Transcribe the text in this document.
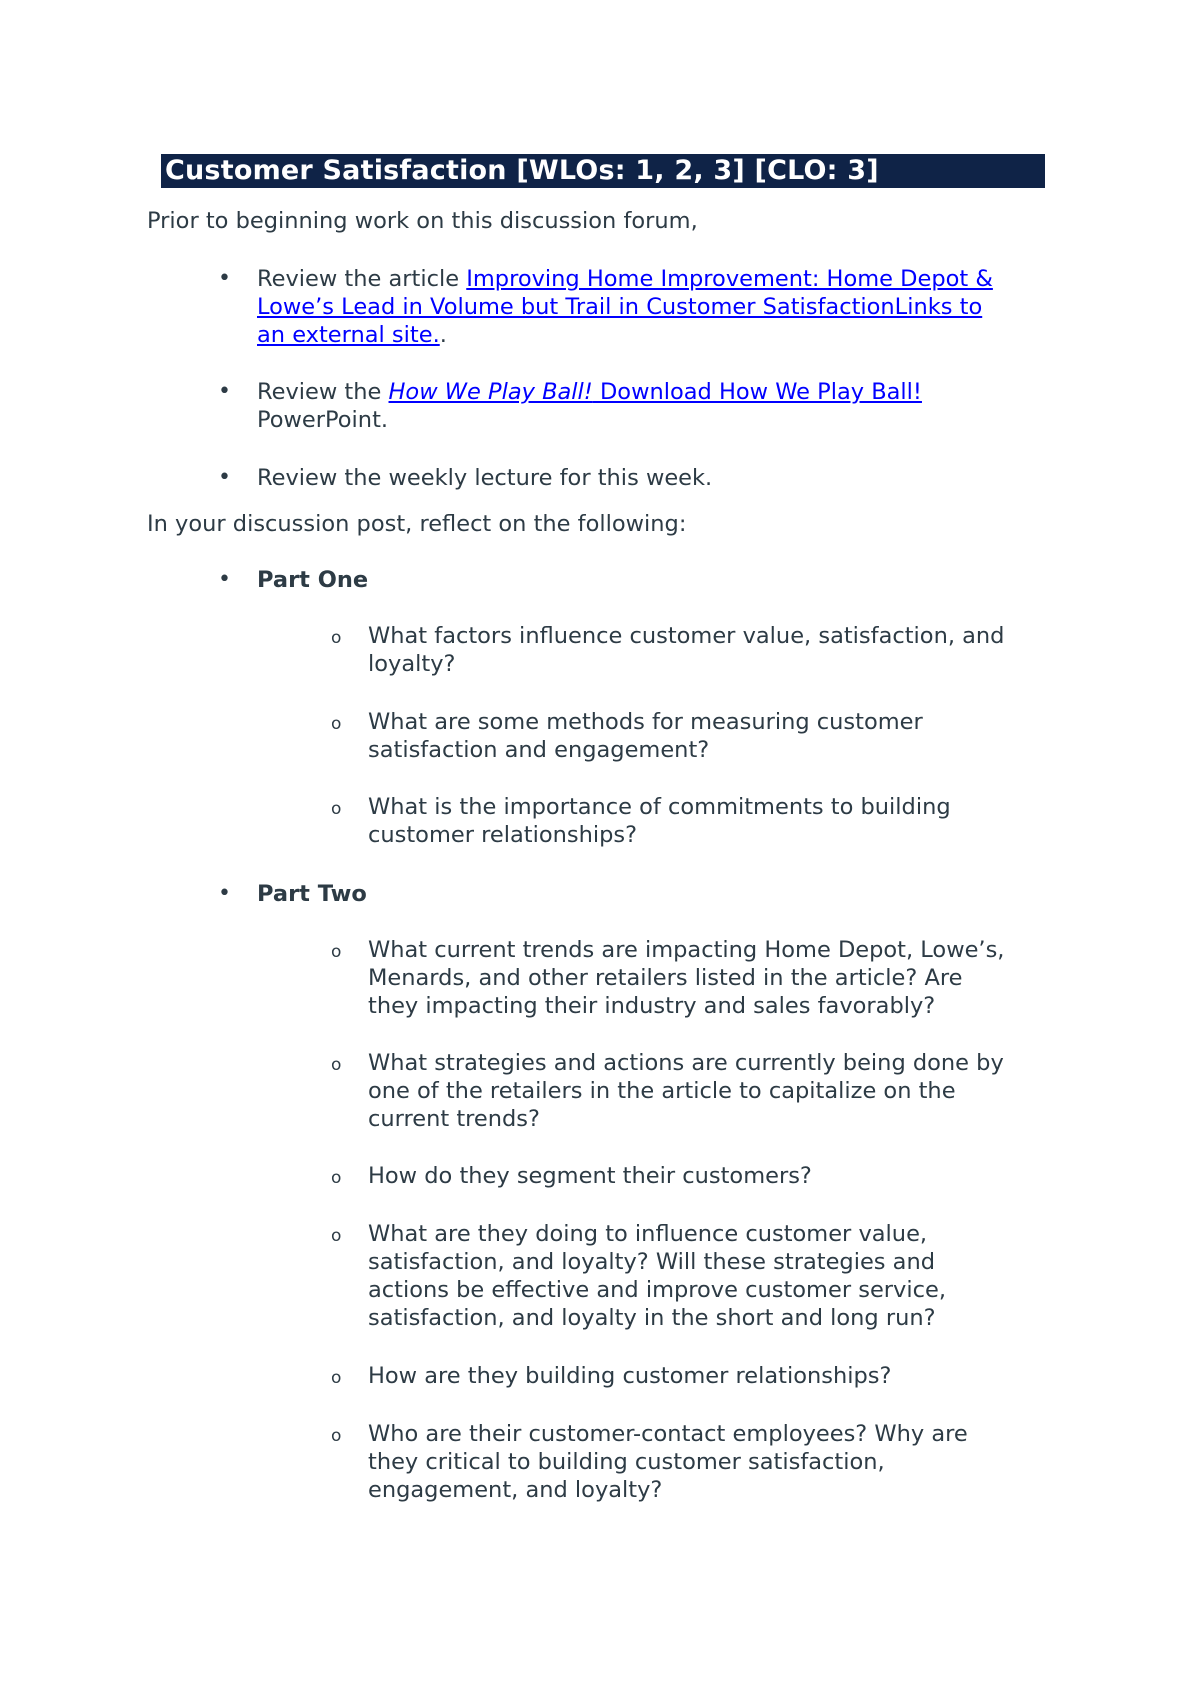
Customer Satisfaction [WLOs: 1, 2, 3] [CLO: 3]
Prior to beginning work on this discussion forum,
• Review the article Improving Home Improvement: Home Depot &
Lowe’s Lead in Volume but Trail in Customer SatisfactionLinks to
an external site..
• Review the How We Play Ball! Download How We Play Ball!
PowerPoint.
• Review the weekly lecture for this week.
In your discussion post, reflect on the following:
• Part One
o What factors influence customer value, satisfaction, and
loyalty?
o What are some methods for measuring customer
satisfaction and engagement?
o What is the importance of commitments to building
customer relationships?
• Part Two
o What current trends are impacting Home Depot, Lowe’s,
Menards, and other retailers listed in the article? Are
they impacting their industry and sales favorably?
o What strategies and actions are currently being done by
one of the retailers in the article to capitalize on the
current trends?
o How do they segment their customers?
o What are they doing to influence customer value,
satisfaction, and loyalty? Will these strategies and
actions be effective and improve customer service,
satisfaction, and loyalty in the short and long run?
o How are they building customer relationships?
o Who are their customer-contact employees? Why are
they critical to building customer satisfaction,
engagement, and loyalty?
